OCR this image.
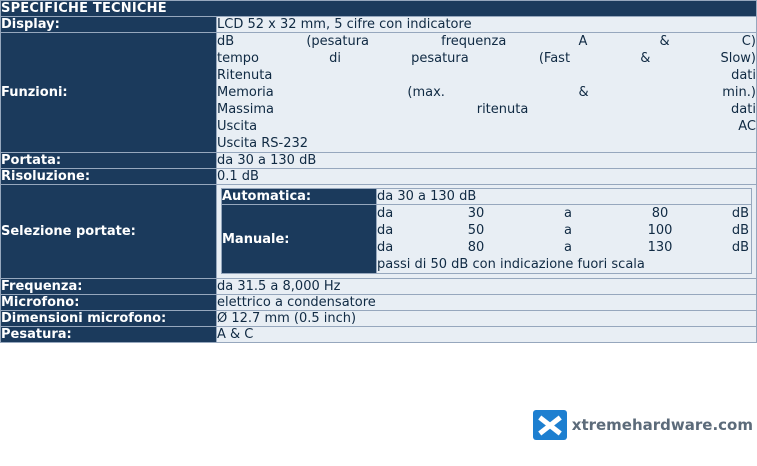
SPECIFICHE TECNICHE
Display:	LCD 52 x 32 mm, 5 cifre con indicatore
Funzioni:	
dB	(pesatura	frequenza	A	&	C)
tempo	di	pesatura	(Fast	&	Slow)
Ritenuta	dati
Memoria	(max.	&	min.)
Massima	ritenuta	dati
Uscita	AC
Uscita RS-232

Portata:	da 30 a 130 dB
Risoluzione:	0.1 dB
Selezione portate:	
Automatica:	da 30 a 130 dB
Manuale:	
da	30	a	80	dB
da	50	a	100	dB
da	80	a	130	dB
passi di 50 dB con indicazione fuori scala

Frequenza:	da 31.5 a 8,000 Hz
Microfono:	elettrico a condensatore
Dimensioni microfono:	Ø 12.7 mm (0.5 inch)
Pesatura:	A & C
xtremehardware.com
